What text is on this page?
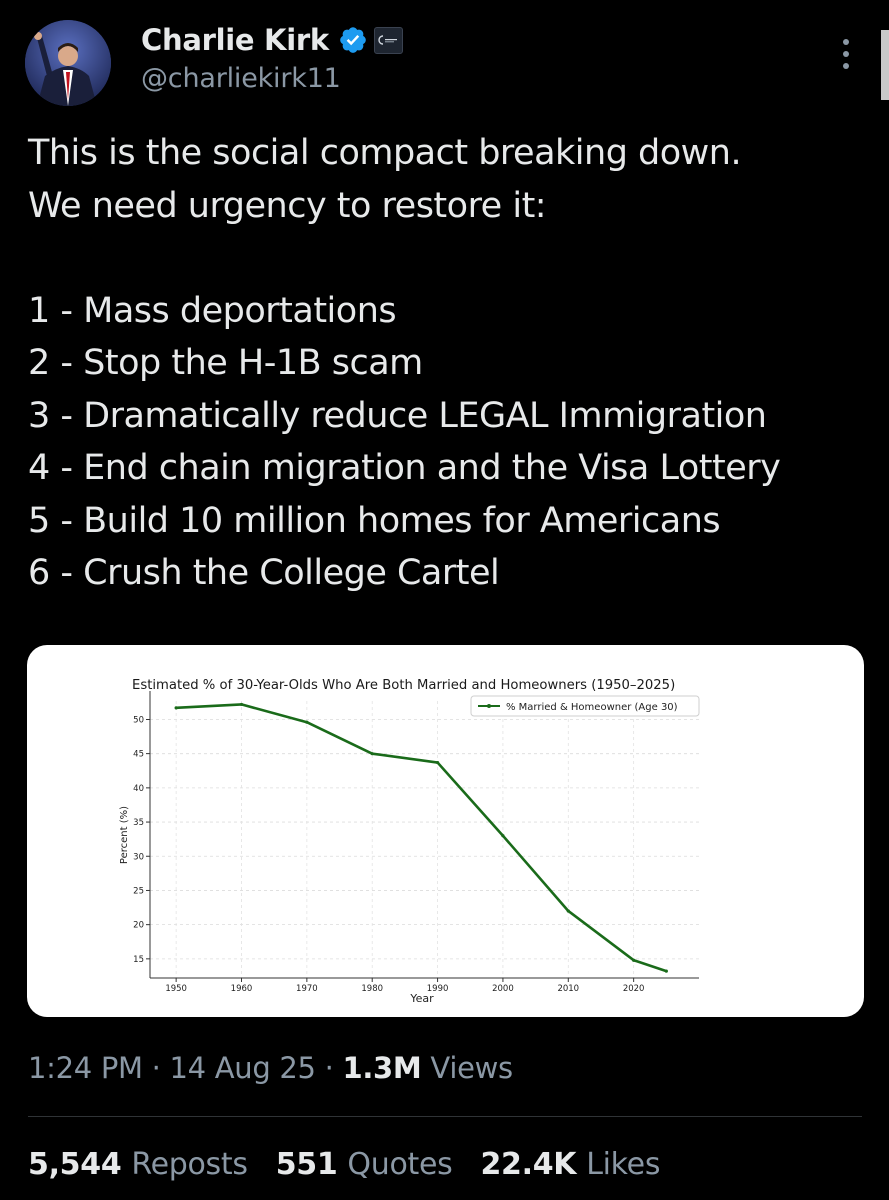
Charlie Kirk
@charliekirk11
This is the social compact breaking down.
We need urgency to restore it:

1 - Mass deportations
2 - Stop the H-1B scam
3 - Dramatically reduce LEGAL Immigration
4 - End chain migration and the Visa Lottery
5 - Build 10 million homes for Americans
6 - Crush the College Cartel
1950	1960	1970	1980	1990	2000	2010	2020
15
20
25
30
35
40
45
50
Estimated % of 30-Year-Olds Who Are Both Married and Homeowners (1950–2025)
Year
Percent (%)
% Married & Homeowner (Age 30)
1:24 PM · 14 Aug 25 · 1.3M Views
5,544 Reposts 551 Quotes 22.4K Likes
